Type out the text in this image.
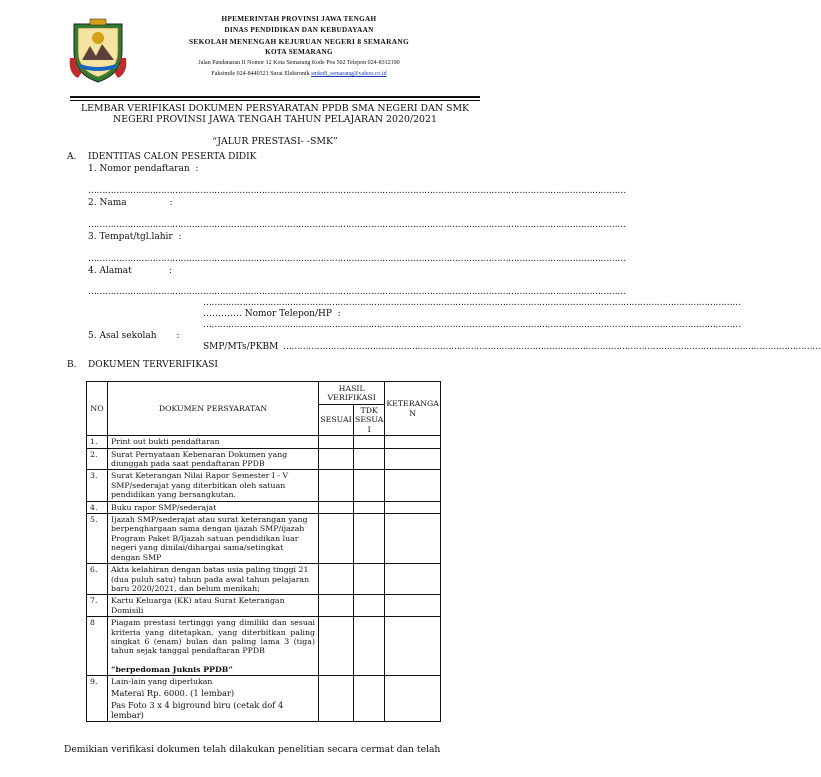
HPEMERINTAH PROVINSI JAWA TENGAH
DINAS PENDIDIKAN DAN KEBUDAYAAN
SEKOLAH MENENGAH KEJURUAN NEGERI 8 SEMARANG
KOTA SEMARANG
Jalan Pandanaran II Nomor 12 Kota Semarang Kode Pos 502 Telepon 024-8312190
Faksimile 024-8440321 Surat Elektronik smkn8_semarang@yahoo.co.id
LEMBAR VERIFIKASI DOKUMEN PERSYARATAN PPDB SMA NEGERI DAN SMK
NEGERI PROVINSI JAWA TENGAH TAHUN PELAJARAN 2020/2021
“JALUR PRESTASI- -SMK”
A. IDENTITAS CALON PESERTA DIDIK
1. Nomor pendaftaran  :
…………………………………………………………………………………………………………………………………………………………………………
2. Nama               :
…………………………………………………………………………………………………………………………………………………………………………
3. Tempat/tgl.lahir  :
…………………………………………………………………………………………………………………………………………………………………………
4. Alamat             :
…………………………………………………………………………………………………………………………………………………………………………
…………………………………………………………………………………………………………………………………………………………………………
…………. Nomor Telepon/HP  :
…………………………………………………………………………………………………………………………………………………………………………
5. Asal sekolah       :
SMP/MTs/PKBM …………………………………………………………………………………………………………………………………………………………………………
B. DOKUMEN TERVERIFIKASI
NO	DOKUMEN PERSYARATAN	HASIL VERIFIKASI		KETERANGA N
		SESUAI	TDK SESUA I	
1.	Print out bukti pendaftaran			
2.	Surat Pernyataan Kebenaran Dokumen yang diunggah pada saat pendaftaran PPDB			
3.	Surat Keterangan Nilai Rapor Semester I - V SMP/sederajat yang diterbitkan oleh satuan pendidikan yang bersangkutan.			
4.	Buku rapor SMP/sederajat			
5.	Ijazah SMP/sederajat atau surat keterangan yang berpenghargaan sama dengan ijazah SMP/ijazah Program Paket B/Ijazah satuan pendidikan luar negeri yang dinilai/dihargai sama/setingkat dengan SMP			
6.	Akta kelahiran dengan batas usia paling tinggi 21 (dua puluh satu) tahun pada awal tahun pelajaran baru 2020/2021, dan belum menikah;			
7.	Kartu Keluarga (KK) atau Surat Keterangan Domisili			
8	Piagam prestasi tertinggi yang dimiliki dan sesuai kriteria yang ditetapkan, yang diterbitkan paling singkat 6 (enam) bulan dan paling lama 3 (tiga) tahun sejak tanggal pendaftaran PPDB
“berpedoman Juknis PPDB”			

9.	Lain-lain yang diperlukan
Materai Rp. 6000. (1 lembar)
Pas Foto 3 x 4 biground biru (cetak dof 4 lembar)			

Demikian verifikasi dokumen telah dilakukan penelitian secara cermat dan telah
